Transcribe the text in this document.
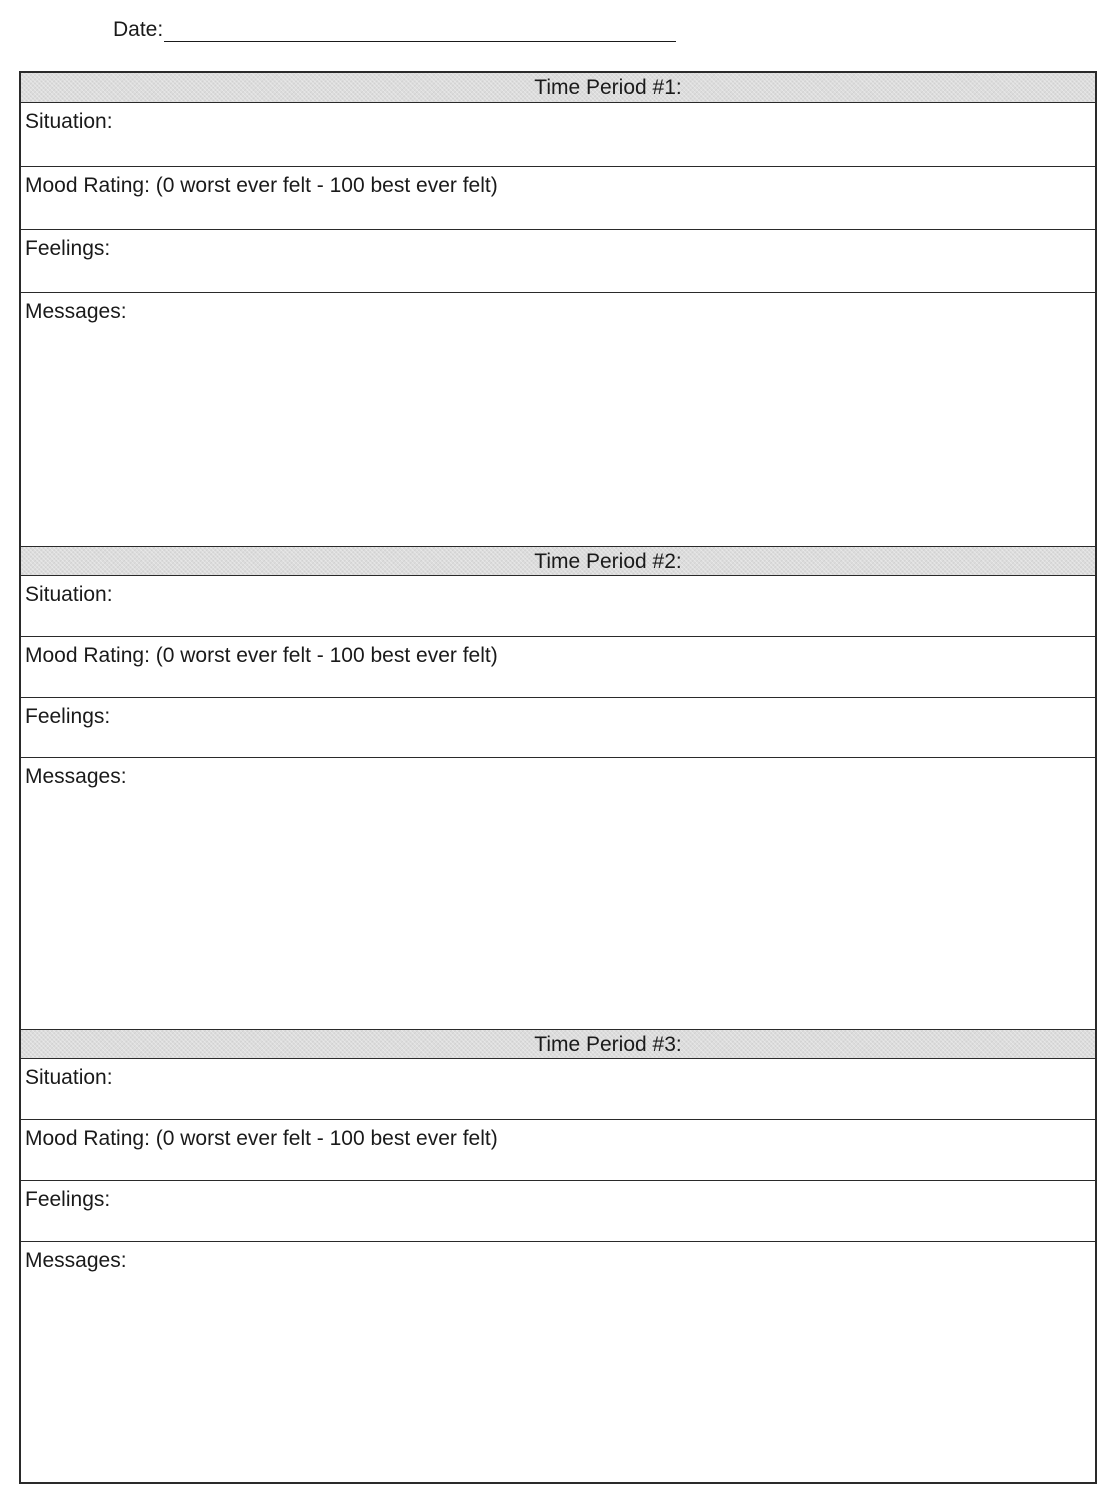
Date:
Time Period #1:
Situation:
Mood Rating: (0 worst ever felt - 100 best ever felt)
Feelings:
Messages:
Time Period #2:
Situation:
Mood Rating: (0 worst ever felt - 100 best ever felt)
Feelings:
Messages:
Time Period #3:
Situation:
Mood Rating: (0 worst ever felt - 100 best ever felt)
Feelings:
Messages:
